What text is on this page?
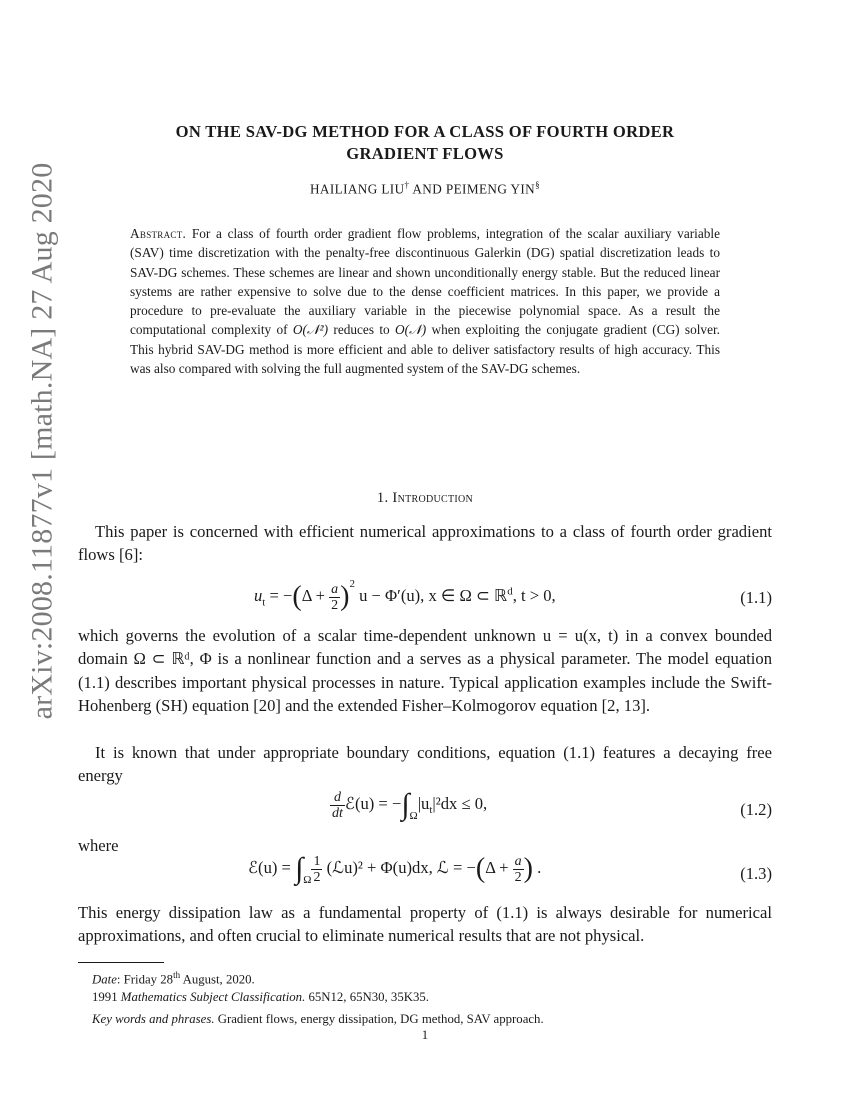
arXiv:2008.11877v1 [math.NA] 27 Aug 2020
ON THE SAV-DG METHOD FOR A CLASS OF FOURTH ORDER
GRADIENT FLOWS
HAILIANG LIU† AND PEIMENG YIN§
Abstract. For a class of fourth order gradient flow problems, integration of the scalar auxiliary variable (SAV) time discretization with the penalty-free discontinuous Galerkin (DG) spatial discretization leads to SAV-DG schemes. These schemes are linear and shown unconditionally energy stable. But the reduced linear systems are rather expensive to solve due to the dense coefficient matrices. In this paper, we provide a procedure to pre-evaluate the auxiliary variable in the piecewise polynomial space. As a result the computational complexity of O(𝒩²) reduces to O(𝒩) when exploiting the conjugate gradient (CG) solver. This hybrid SAV-DG method is more efficient and able to deliver satisfactory results of high accuracy. This was also compared with solving the full augmented system of the SAV-DG schemes.
1. Introduction
This paper is concerned with efficient numerical approximations to a class of fourth order gradient flows [6]:
$u_t = -(\Delta + \frac{a}{2} )^2$ u − Φ′(u), x ∈ Ω ⊂ ℝ$^d$, t > 0,	(1.1)
which governs the evolution of a scalar time-dependent unknown u = u(x, t) in a convex bounded domain Ω ⊂ ℝᵈ, Φ is a nonlinear function and a serves as a physical parameter. The model equation (1.1) describes important physical processes in nature. Typical application examples include the Swift-Hohenberg (SH) equation [20] and the extended Fisher–Kolmogorov equation [2, 13].
It is known that under appropriate boundary conditions, equation (1.1) features a decaying free energy
$\frac{d}{dt}$ ℰ(u) = $-\int_\Omega|u_t|^2dx \le 0$,	(1.2)
where
ℰ(u) = $\int_\Omega \frac{1}{2}$ (ℒu)² + Φ(u)dx, ℒ = $-(\Delta + \frac{a}{2}$ ) .	(1.3)
This energy dissipation law as a fundamental property of (1.1) is always desirable for numerical approximations, and often crucial to eliminate numerical results that are not physical.
Date: Friday 28th August, 2020.
1991 Mathematics Subject Classification. 65N12, 65N30, 35K35.
Key words and phrases. Gradient flows, energy dissipation, DG method, SAV approach.
1
